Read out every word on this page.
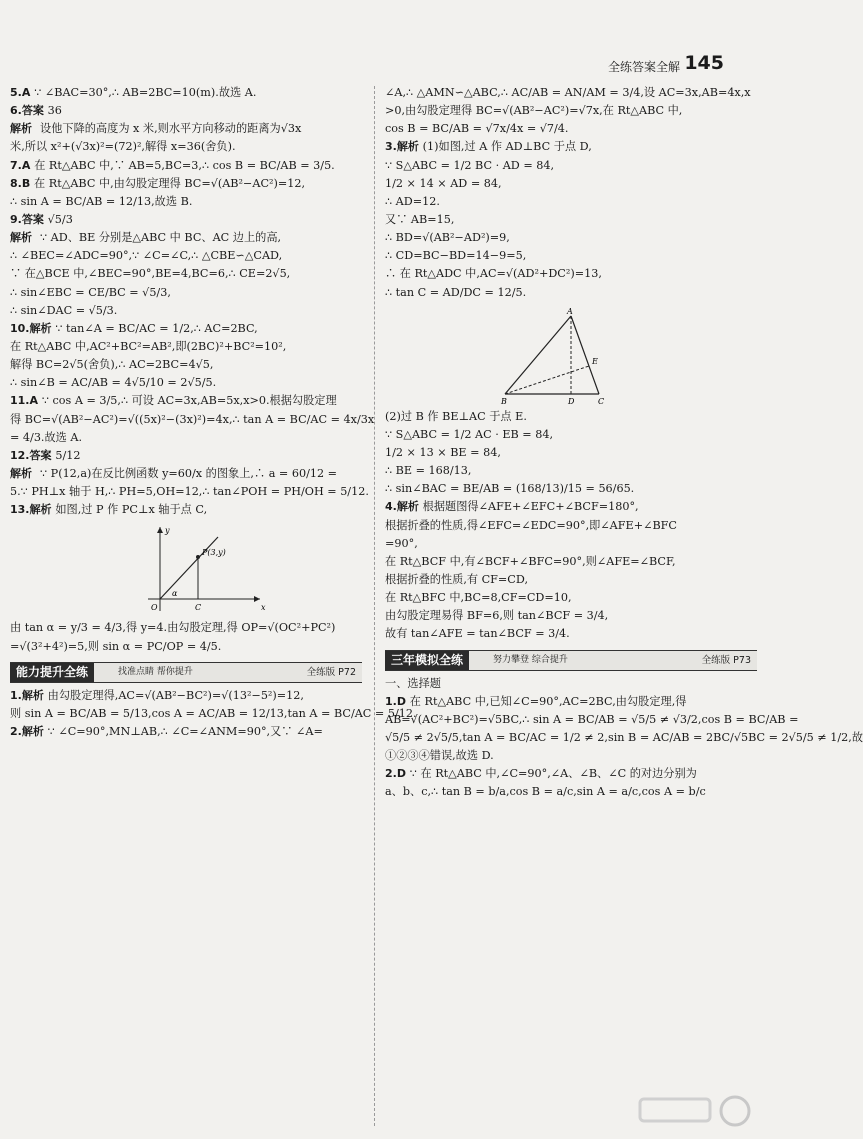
全练答案全解 145

5.A ∵ ∠BAC=30°,∴ AB=2BC=10(m).故选 A.

6.答案 36

解析 设他下降的高度为 x 米,则水平方向移动的距离为√3x

米,所以 x²+(√3x)²=(72)²,解得 x=36(舍负).

7.A 在 Rt△ABC 中,∵ AB=5,BC=3,∴ cos B = BC/AB = 3/5.

8.B 在 Rt△ABC 中,由勾股定理得 BC=√(AB²−AC²)=12,

∴ sin A = BC/AB = 12/13,故选 B.

9.答案 √5/3

解析 ∵ AD、BE 分别是△ABC 中 BC、AC 边上的高,

∴ ∠BEC=∠ADC=90°,∵ ∠C=∠C,∴ △CBE∽△CAD,

∵ 在△BCE 中,∠BEC=90°,BE=4,BC=6,∴ CE=2√5,

∴ sin∠EBC = CE/BC = √5/3,

∴ sin∠DAC = √5/3.

10.解析 ∵ tan∠A = BC/AC = 1/2,∴ AC=2BC,

在 Rt△ABC 中,AC²+BC²=AB²,即(2BC)²+BC²=10²,

解得 BC=2√5(舍负),∴ AC=2BC=4√5,

∴ sin∠B = AC/AB = 4√5/10 = 2√5/5.

11.A ∵ cos A = 3/5,∴ 可设 AC=3x,AB=5x,x>0.根据勾股定理

得 BC=√(AB²−AC²)=√((5x)²−(3x)²)=4x,∴ tan A = BC/AC = 4x/3x

= 4/3.故选 A.

12.答案 5/12

解析 ∵ P(12,a)在反比例函数 y=60/x 的图象上,∴ a = 60/12 =

5.∵ PH⊥x 轴于 H,∴ PH=5,OH=12,∴ tan∠POH = PH/OH = 5/12.

13.解析 如图,过 P 作 PC⊥x 轴于点 C,

y
x
O	C
P(3,y)
α

由 tan α = y/3 = 4/3,得 y=4.由勾股定理,得 OP=√(OC²+PC²)

=√(3²+4²)=5,则 sin α = PC/OP = 4/5.

能力提升全练	找准点睛 帮你提升	全练版 P72

1.解析 由勾股定理得,AC=√(AB²−BC²)=√(13²−5²)=12,

则 sin A = BC/AB = 5/13,cos A = AC/AB = 12/13,tan A = BC/AC = 5/12.

2.解析 ∵ ∠C=90°,MN⊥AB,∴ ∠C=∠ANM=90°,又∵ ∠A=

∠A,∴ △AMN∽△ABC,∴ AC/AB = AN/AM = 3/4,设 AC=3x,AB=4x,x

>0,由勾股定理得 BC=√(AB²−AC²)=√7x,在 Rt△ABC 中,

cos B = BC/AB = √7x/4x = √7/4.

3.解析 (1)如图,过 A 作 AD⊥BC 于点 D,

∵ S△ABC = 1/2 BC · AD = 84,

1/2 × 14 × AD = 84,

∴ AD=12.

又∵ AB=15,

∴ BD=√(AB²−AD²)=9,

∴ CD=BC−BD=14−9=5,

∴ 在 Rt△ADC 中,AC=√(AD²+DC²)=13,

∴ tan C = AD/DC = 12/5.

A
B	C
D
E

(2)过 B 作 BE⊥AC 于点 E.

∵ S△ABC = 1/2 AC · EB = 84,

1/2 × 13 × BE = 84,

∴ BE = 168/13,

∴ sin∠BAC = BE/AB = (168/13)/15 = 56/65.

4.解析 根据题图得∠AFE+∠EFC+∠BCF=180°,

根据折叠的性质,得∠EFC=∠EDC=90°,即∠AFE+∠BFC

=90°,

在 Rt△BCF 中,有∠BCF+∠BFC=90°,则∠AFE=∠BCF,

根据折叠的性质,有 CF=CD,

在 Rt△BFC 中,BC=8,CF=CD=10,

由勾股定理易得 BF=6,则 tan∠BCF = 3/4,

故有 tan∠AFE = tan∠BCF = 3/4.

三年模拟全练	努力攀登 综合提升	全练版 P73

一、选择题

1.D 在 Rt△ABC 中,已知∠C=90°,AC=2BC,由勾股定理,得

AB=√(AC²+BC²)=√5BC,∴ sin A = BC/AB = √5/5 ≠ √3/2,cos B = BC/AB =

√5/5 ≠ 2√5/5,tan A = BC/AC = 1/2 ≠ 2,sin B = AC/AB = 2BC/√5BC = 2√5/5 ≠ 1/2,故

①②③④错误,故选 D.

2.D ∵ 在 Rt△ABC 中,∠C=90°,∠A、∠B、∠C 的对边分别为

a、b、c,∴ tan B = b/a,cos B = a/c,sin A = a/c,cos A = b/c
